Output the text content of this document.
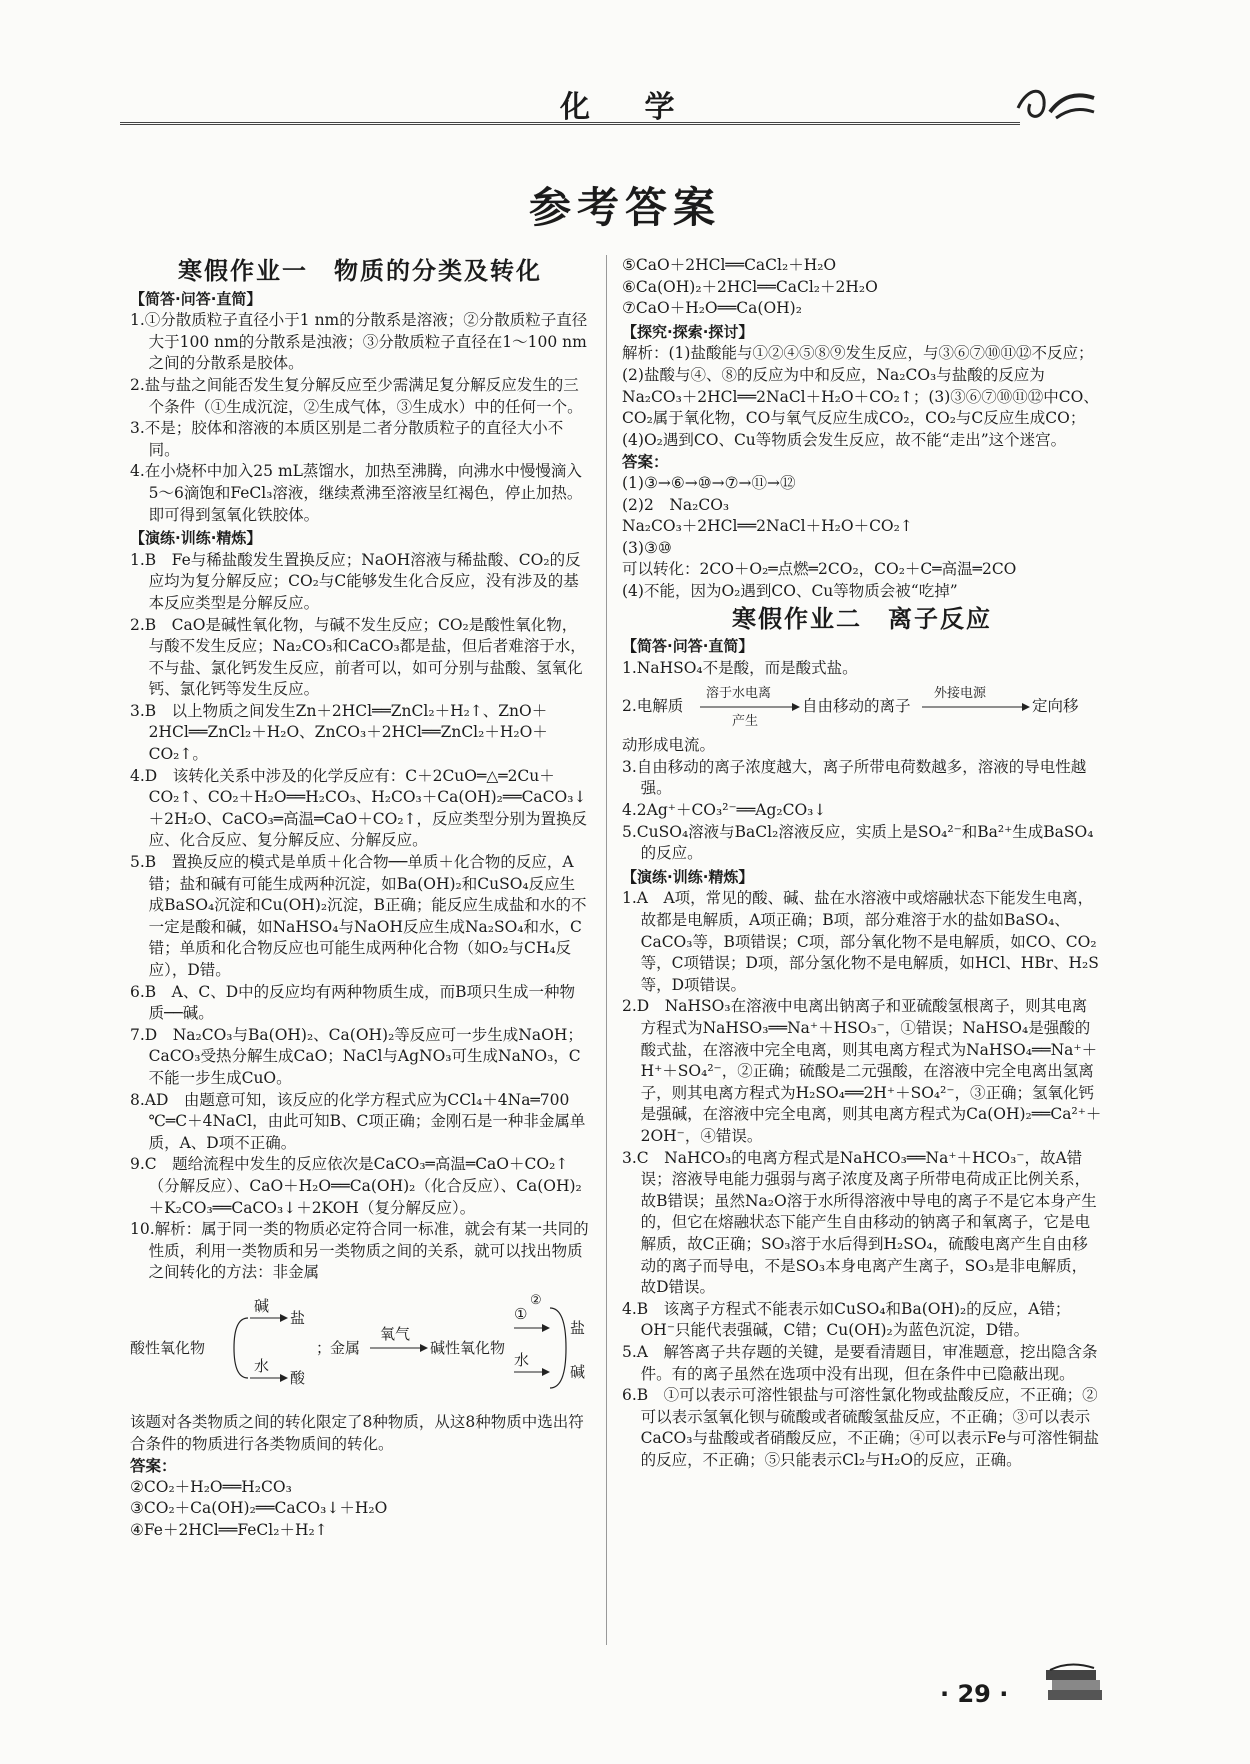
化 学
参考答案
寒假作业一　物质的分类及转化
【简答·问答·直简】

1.①分散质粒子直径小于1 nm的分散系是溶液；②分散质粒子直径大于100 nm的分散系是浊液；③分散质粒子直径在1～100 nm之间的分散系是胶体。

2.盐与盐之间能否发生复分解反应至少需满足复分解反应发生的三个条件（①生成沉淀，②生成气体，③生成水）中的任何一个。

3.不是；胶体和溶液的本质区别是二者分散质粒子的直径大小不同。

4.在小烧杯中加入25 mL蒸馏水，加热至沸腾，向沸水中慢慢滴入5～6滴饱和FeCl₃溶液，继续煮沸至溶液呈红褐色，停止加热。即可得到氢氧化铁胶体。

【演练·训练·精炼】

1.B　Fe与稀盐酸发生置换反应；NaOH溶液与稀盐酸、CO₂的反应均为复分解反应；CO₂与C能够发生化合反应，没有涉及的基本反应类型是分解反应。

2.B　CaO是碱性氧化物，与碱不发生反应；CO₂是酸性氧化物，与酸不发生反应；Na₂CO₃和CaCO₃都是盐，但后者难溶于水，不与盐、氯化钙发生反应，前者可以，如可分别与盐酸、氢氧化钙、氯化钙等发生反应。

3.B　以上物质之间发生Zn＋2HCl══ZnCl₂＋H₂↑、ZnO＋2HCl══ZnCl₂＋H₂O、ZnCO₃＋2HCl══ZnCl₂＋H₂O＋CO₂↑。

4.D　该转化关系中涉及的化学反应有：C＋2CuO═△═2Cu＋CO₂↑、CO₂＋H₂O══H₂CO₃、H₂CO₃＋Ca(OH)₂══CaCO₃↓＋2H₂O、CaCO₃═高温═CaO＋CO₂↑，反应类型分别为置换反应、化合反应、复分解反应、分解反应。

5.B　置换反应的模式是单质＋化合物──单质＋化合物的反应，A错；盐和碱有可能生成两种沉淀，如Ba(OH)₂和CuSO₄反应生成BaSO₄沉淀和Cu(OH)₂沉淀，B正确；能反应生成盐和水的不一定是酸和碱，如NaHSO₄与NaOH反应生成Na₂SO₄和水，C错；单质和化合物反应也可能生成两种化合物（如O₂与CH₄反应），D错。

6.B　A、C、D中的反应均有两种物质生成，而B项只生成一种物质──碱。

7.D　Na₂CO₃与Ba(OH)₂、Ca(OH)₂等反应可一步生成NaOH；CaCO₃受热分解生成CaO；NaCl与AgNO₃可生成NaNO₃，C不能一步生成CuO。

8.AD　由题意可知，该反应的化学方程式应为CCl₄＋4Na═700 ℃═C＋4NaCl，由此可知B、C项正确；金刚石是一种非金属单质，A、D项不正确。

9.C　题给流程中发生的反应依次是CaCO₃═高温═CaO＋CO₂↑（分解反应）、CaO＋H₂O══Ca(OH)₂（化合反应）、Ca(OH)₂＋K₂CO₃══CaCO₃↓＋2KOH（复分解反应）。

10.解析：属于同一类的物质必定符合同一标准，就会有某一共同的性质，利用一类物质和另一类物质之间的关系，就可以找出物质之间转化的方法：非金属

酸性氧化物
碱
盐
水
酸
；
金属
氧气
碱性氧化物
①
水
盐
碱
②

该题对各类物质之间的转化限定了8种物质，从这8种物质中选出符合条件的物质进行各类物质间的转化。

答案：

②CO₂＋H₂O══H₂CO₃

③CO₂＋Ca(OH)₂══CaCO₃↓＋H₂O

④Fe＋2HCl══FeCl₂＋H₂↑

⑤CaO＋2HCl══CaCl₂＋H₂O

⑥Ca(OH)₂＋2HCl══CaCl₂＋2H₂O

⑦CaO＋H₂O══Ca(OH)₂

【探究·探索·探讨】

解析：(1)盐酸能与①②④⑤⑧⑨发生反应，与③⑥⑦⑩⑪⑫不反应；(2)盐酸与④、⑧的反应为中和反应，Na₂CO₃与盐酸的反应为Na₂CO₃＋2HCl══2NaCl＋H₂O＋CO₂↑；(3)③⑥⑦⑩⑪⑫中CO、CO₂属于氧化物，CO与氧气反应生成CO₂，CO₂与C反应生成CO；(4)O₂遇到CO、Cu等物质会发生反应，故不能“走出”这个迷宫。

答案：

(1)③→⑥→⑩→⑦→⑪→⑫

(2)2　Na₂CO₃

Na₂CO₃＋2HCl══2NaCl＋H₂O＋CO₂↑

(3)③⑩

可以转化：2CO＋O₂═点燃═2CO₂，CO₂＋C═高温═2CO

(4)不能，因为O₂遇到CO、Cu等物质会被“吃掉”

寒假作业二　离子反应
【简答·问答·直简】

1.NaHSO₄不是酸，而是酸式盐。

2.电解质
溶于水电离
产生
自由移动的离子
外接电源
定向移

动形成电流。

3.自由移动的离子浓度越大，离子所带电荷数越多，溶液的导电性越强。

4.2Ag⁺＋CO₃²⁻══Ag₂CO₃↓

5.CuSO₄溶液与BaCl₂溶液反应，实质上是SO₄²⁻和Ba²⁺生成BaSO₄的反应。

【演练·训练·精炼】

1.A　A项，常见的酸、碱、盐在水溶液中或熔融状态下能发生电离，故都是电解质，A项正确；B项，部分难溶于水的盐如BaSO₄、CaCO₃等，B项错误；C项，部分氧化物不是电解质，如CO、CO₂等，C项错误；D项，部分氢化物不是电解质，如HCl、HBr、H₂S等，D项错误。

2.D　NaHSO₃在溶液中电离出钠离子和亚硫酸氢根离子，则其电离方程式为NaHSO₃══Na⁺＋HSO₃⁻，①错误；NaHSO₄是强酸的酸式盐，在溶液中完全电离，则其电离方程式为NaHSO₄══Na⁺＋H⁺＋SO₄²⁻，②正确；硫酸是二元强酸，在溶液中完全电离出氢离子，则其电离方程式为H₂SO₄══2H⁺＋SO₄²⁻，③正确；氢氧化钙是强碱，在溶液中完全电离，则其电离方程式为Ca(OH)₂══Ca²⁺＋2OH⁻，④错误。

3.C　NaHCO₃的电离方程式是NaHCO₃══Na⁺＋HCO₃⁻，故A错误；溶液导电能力强弱与离子浓度及离子所带电荷成正比例关系，故B错误；虽然Na₂O溶于水所得溶液中导电的离子不是它本身产生的，但它在熔融状态下能产生自由移动的钠离子和氧离子，它是电解质，故C正确；SO₃溶于水后得到H₂SO₄，硫酸电离产生自由移动的离子而导电，不是SO₃本身电离产生离子，SO₃是非电解质，故D错误。

4.B　该离子方程式不能表示如CuSO₄和Ba(OH)₂的反应，A错；OH⁻只能代表强碱，C错；Cu(OH)₂为蓝色沉淀，D错。

5.A　解答离子共存题的关键，是要看清题目，审准题意，挖出隐含条件。有的离子虽然在选项中没有出现，但在条件中已隐蔽出现。

6.B　①可以表示可溶性银盐与可溶性氯化物或盐酸反应，不正确；②可以表示氢氧化钡与硫酸或者硫酸氢盐反应，不正确；③可以表示CaCO₃与盐酸或者硝酸反应，不正确；④可以表示Fe与可溶性铜盐的反应，不正确；⑤只能表示Cl₂与H₂O的反应，正确。

· 29 ·
